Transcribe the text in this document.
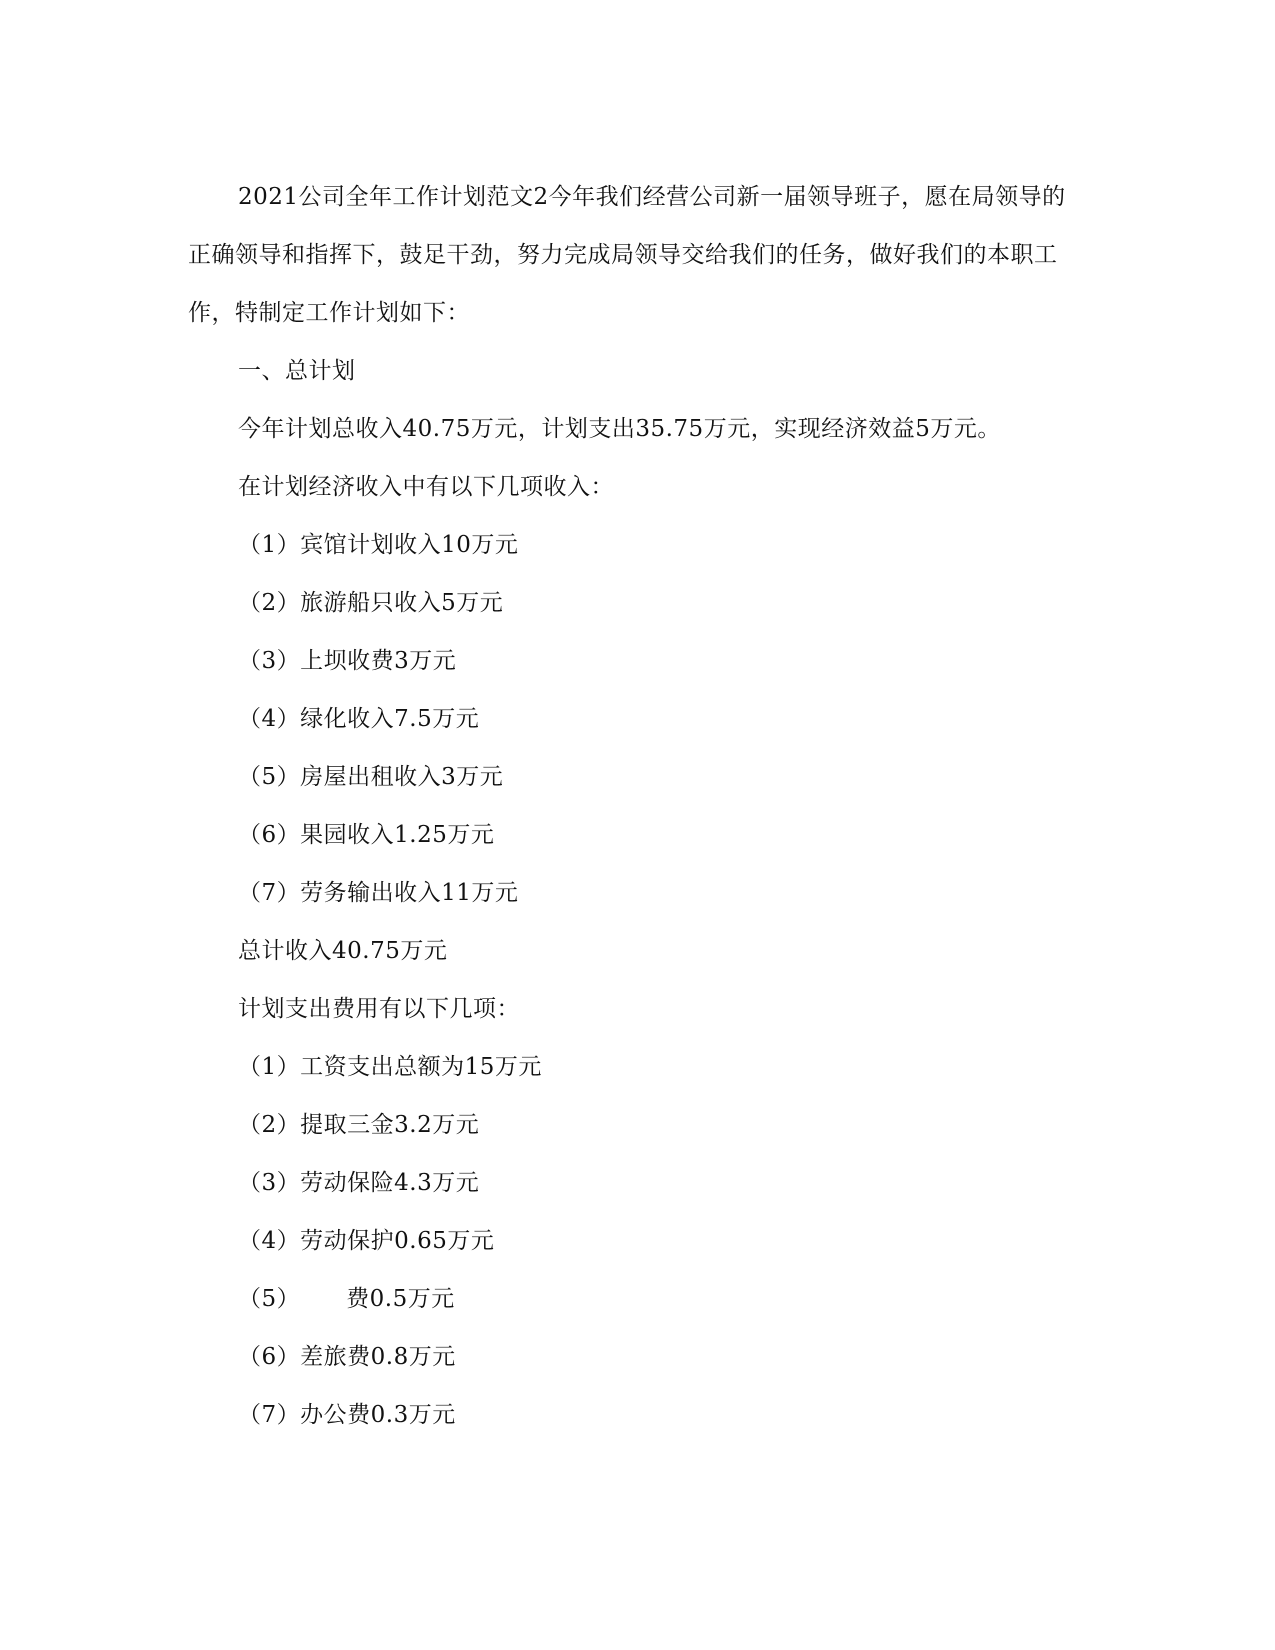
2021公司全年工作计划范文2今年我们经营公司新一届领导班子，愿在局领导的正确领导和指挥下，鼓足干劲，努力完成局领导交给我们的任务，做好我们的本职工作，特制定工作计划如下：

一、总计划
今年计划总收入40.75万元，计划支出35.75万元，实现经济效益5万元。
在计划经济收入中有以下几项收入：
（1）宾馆计划收入10万元
（2）旅游船只收入5万元
（3）上坝收费3万元
（4）绿化收入7.5万元
（5）房屋出租收入3万元
（6）果园收入1.25万元
（7）劳务输出收入11万元
总计收入40.75万元
计划支出费用有以下几项：
（1）工资支出总额为15万元
（2）提取三金3.2万元
（3）劳动保险4.3万元
（4）劳动保护0.65万元
（5） 费0.5万元
（6）差旅费0.8万元
（7）办公费0.3万元
